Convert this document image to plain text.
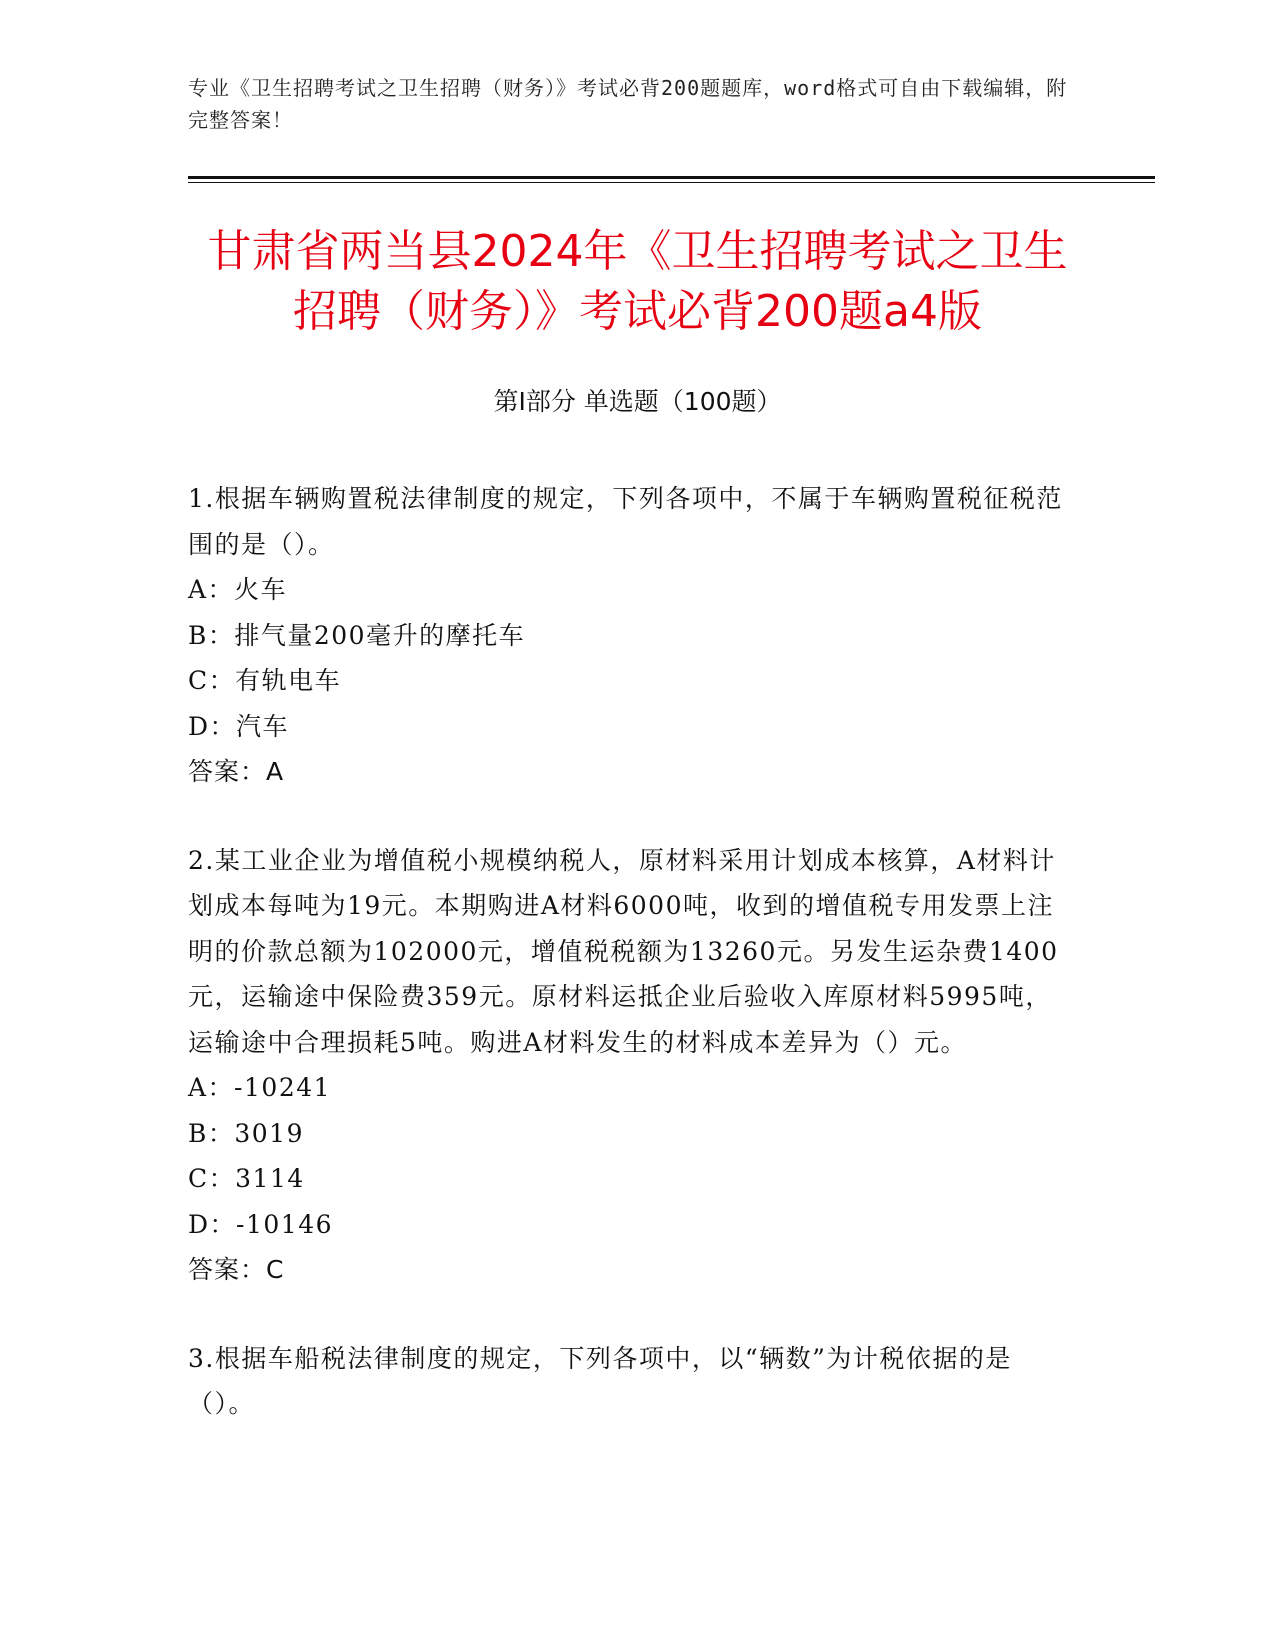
专业《卫生招聘考试之卫生招聘（财务）》考试必背200题题库，word格式可自由下载编辑，附完整答案！
甘肃省两当县2024年《卫生招聘考试之卫生
招聘（财务）》考试必背200题a4版
第Ⅰ部分 单选题（100题）

1.根据车辆购置税法律制度的规定，下列各项中，不属于车辆购置税征税范围的是（）。

A：火车

B：排气量200毫升的摩托车

C：有轨电车

D：汽车

答案：A

2.某工业企业为增值税小规模纳税人，原材料采用计划成本核算，A材料计划成本每吨为19元。本期购进A材料6000吨，收到的增值税专用发票上注明的价款总额为102000元，增值税税额为13260元。另发生运杂费1400元，运输途中保险费359元。原材料运抵企业后验收入库原材料5995吨，运输途中合理损耗5吨。购进A材料发生的材料成本差异为（）元。

A：-10241

B：3019

C：3114

D：-10146

答案：C

3.根据车船税法律制度的规定，下列各项中，以“辆数”为计税依据的是（）。
